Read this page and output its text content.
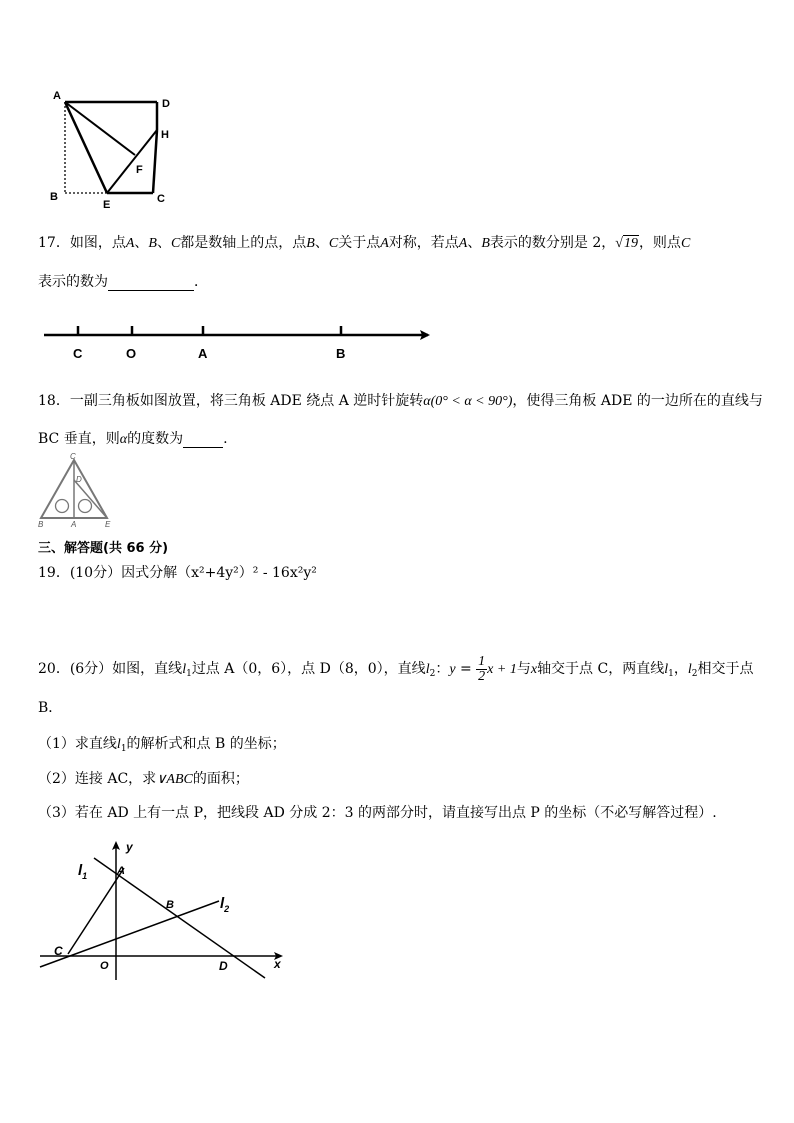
A
D
H
F
B
E	C
17．如图，点A、B、C都是数轴上的点，点B、C关于点A对称，若点A、B表示的数分别是 2，√19，则点C
表示的数为	．
C	O	A	B
18．一副三角板如图放置，将三角板 ADE 绕点 A 逆时针旋转α(0° < α < 90°)，使得三角板 ADE 的一边所在的直线与
BC 垂直，则α的度数为	.
C
D
B	A	E
三、解答题(共 66 分)
19．(10分）因式分解（x²+4y²）² - 16x²y²
20．(6分）如图，直线$l_1$过点 A（0，6），点 D（8，0），直线$l_2$：$y = \frac{1}{2}$ x + 1与x轴交于点 C，两直线$l_1$，$l_2$相交于点
B．
（1）求直线$l_1$的解析式和点 B 的坐标；
（2）连接 AC，求∨ABC的面积；
（3）若在 AD 上有一点 P，把线段 AD 分成 2：3 的两部分时，请直接写出点 P 的坐标（不必写解答过程）.
y
$l_1$	A
B	$l_2$
C
O	D	x
